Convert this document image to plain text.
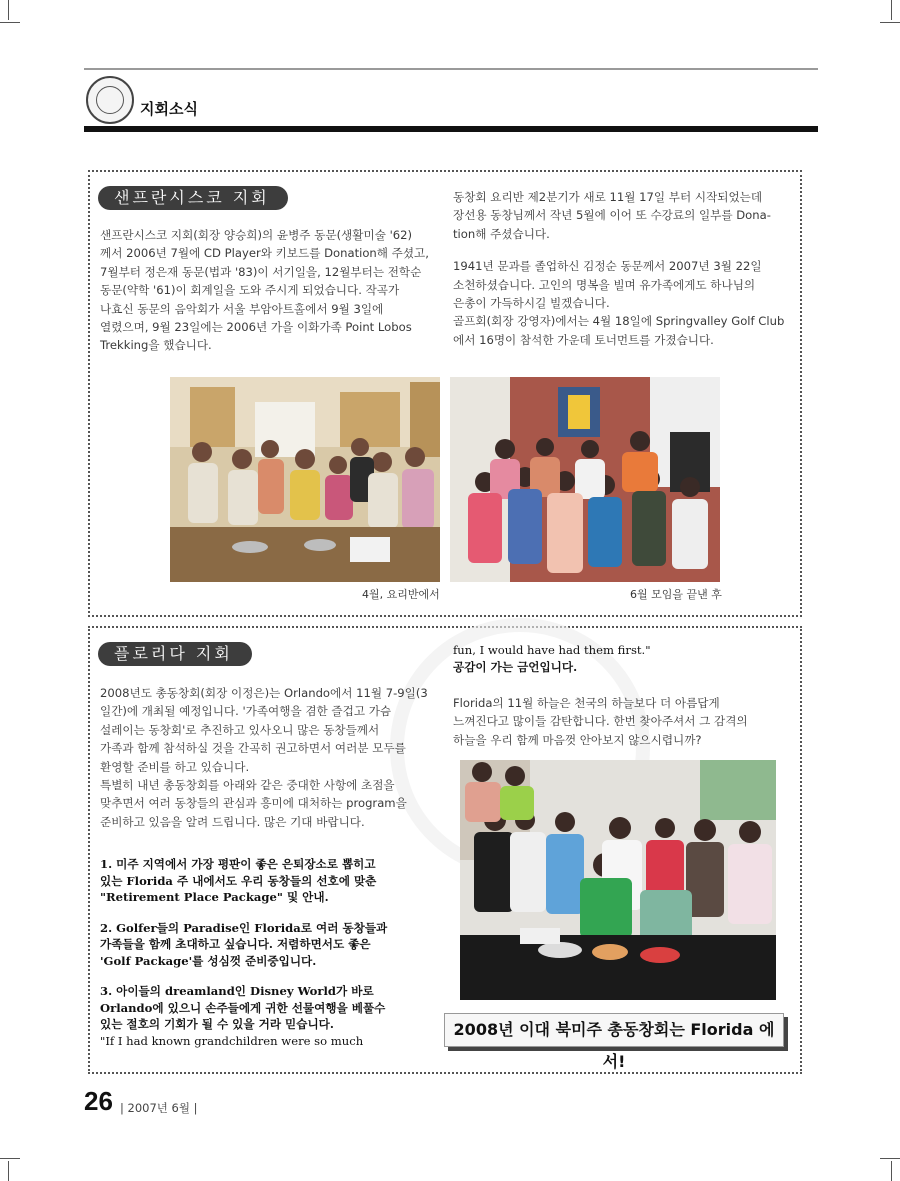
지회소식
샌프란시스코 지회

샌프란시스코 지회(회장 양승희)의 윤병주 동문(생활미술 '62)

께서 2006년 7월에 CD Player와 키보드를 Donation해 주셨고,

7월부터 정은재 동문(법과 '83)이 서기일을, 12월부터는 전학순

동문(약학 '61)이 회계일을 도와 주시게 되었습니다. 작곡가

나효신 동문의 음악회가 서울 부암아트홀에서 9월 3일에

열렸으며, 9월 23일에는 2006년 가을 이화가족 Point Lobos

Trekking을 했습니다.

동창회 요리반 제2분기가 새로 11월 17일 부터 시작되었는데

장선용 동창님께서 작년 5월에 이어 또 수강료의 일부를 Dona-

tion해 주셨습니다.

1941년 문과를 졸업하신 김정순 동문께서 2007년 3월 22일

소천하셨습니다. 고인의 명복을 빌며 유가족에게도 하나님의

은총이 가득하시길 빌겠습니다.

골프회(회장 강영자)에서는 4월 18일에 Springvalley Golf Club

에서 16명이 참석한 가운데 토너먼트를 가졌습니다.

4월, 요리반에서	6월 모임을 끝낸 후
플로리다 지회

2008년도 총동창회(회장 이정은)는 Orlando에서 11월 7-9일(3

일간)에 개최될 예정입니다. '가족여행을 겸한 즐겁고 가슴

설레이는 동창회'로 추진하고 있사오니 많은 동창들께서

가족과 함께 참석하실 것을 간곡히 권고하면서 여러분 모두를

환영할 준비를 하고 있습니다.

특별히 내년 총동창회를 아래와 같은 중대한 사항에 초점을

맞추면서 여러 동창들의 관심과 흥미에 대처하는 program을

준비하고 있음을 알려 드립니다. 많은 기대 바랍니다.

1. 미주 지역에서 가장 평판이 좋은 은퇴장소로 뽑히고

있는 Florida 주 내에서도 우리 동창들의 선호에 맞춘

"Retirement Place Package" 및 안내.

2. Golfer들의 Paradise인 Florida로 여러 동창들과

가족들을 함께 초대하고 싶습니다. 저렴하면서도 좋은

'Golf Package'를 성심껏 준비중입니다.

3. 아이들의 dreamland인 Disney World가 바로

Orlando에 있으니 손주들에게 귀한 선물여행을 베풀수

있는 절호의 기회가 될 수 있을 거라 믿습니다.

"If I had known grandchildren were so much

fun, I would have had them first."

공감이 가는 금언입니다.

Florida의 11월 하늘은 천국의 하늘보다 더 아름답게

느껴진다고 많이들 감탄합니다. 한번 찾아주셔서 그 감격의

하늘을 우리 함께 마음껏 안아보지 않으시렵니까?

2008년 이대 북미주 총동창회는 Florida 에서!
26 | 2007년 6월 |
